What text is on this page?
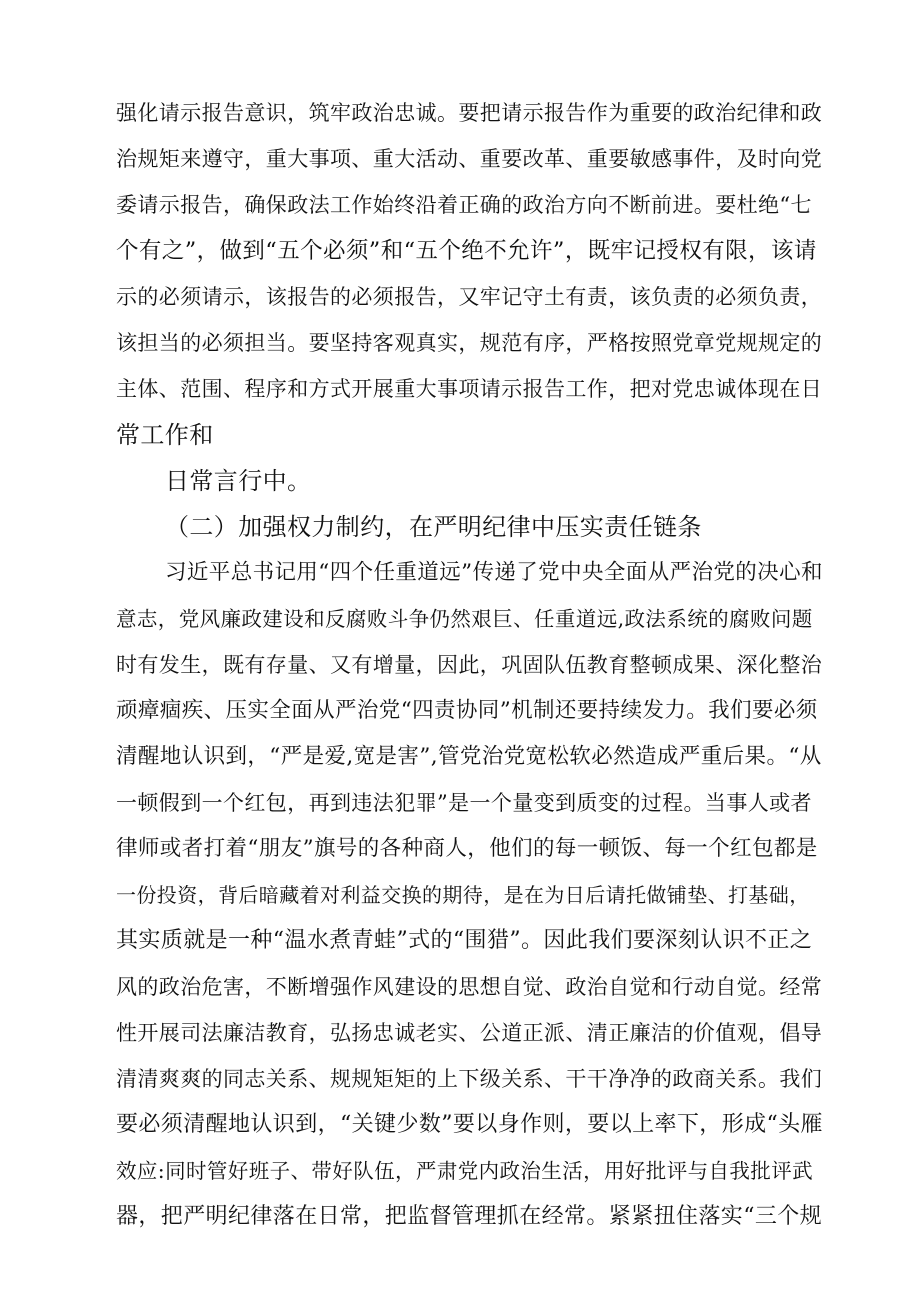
强化请示报告意识，筑牢政治忠诚。要把请示报告作为重要的政治纪律和政
治规矩来遵守，重大事项、重大活动、重要改革、重要敏感事件，及时向党
委请示报告，确保政法工作始终沿着正确的政治方向不断前进。要杜绝“七
个有之”，做到“五个必须”和“五个绝不允许”，既牢记授权有限，该请
示的必须请示，该报告的必须报告，又牢记守土有责，该负责的必须负责，
该担当的必须担当。要坚持客观真实，规范有序，严格按照党章党规规定的
主体、范围、程序和方式开展重大事项请示报告工作，把对党忠诚体现在日
常工作和
日常言行中。
（二）加强权力制约，在严明纪律中压实责任链条
习近平总书记用“四个任重道远”传递了党中央全面从严治党的决心和
意志，党风廉政建设和反腐败斗争仍然艰巨、任重道远,政法系统的腐败问题
时有发生，既有存量、又有增量，因此，巩固队伍教育整顿成果、深化整治
顽瘴痼疾、压实全面从严治党“四责协同”机制还要持续发力。我们要必须
清醒地认识到，“严是爱,宽是害”,管党治党宽松软必然造成严重后果。“从
一顿假到一个红包，再到违法犯罪”是一个量变到质变的过程。当事人或者
律师或者打着“朋友”旗号的各种商人，他们的每一顿饭、每一个红包都是
一份投资，背后暗藏着对利益交换的期待，是在为日后请托做铺垫、打基础，
其实质就是一种“温水煮青蛙”式的“围猎”。因此我们要深刻认识不正之
风的政治危害，不断增强作风建设的思想自觉、政治自觉和行动自觉。经常
性开展司法廉洁教育，弘扬忠诚老实、公道正派、清正廉洁的价值观，倡导
清清爽爽的同志关系、规规矩矩的上下级关系、干干净净的政商关系。我们
要必须清醒地认识到，“关键少数”要以身作则，要以上率下，形成“头雁
效应:同时管好班子、带好队伍，严肃党内政治生活，用好批评与自我批评武
器，把严明纪律落在日常，把监督管理抓在经常。紧紧扭住落实“三个规
